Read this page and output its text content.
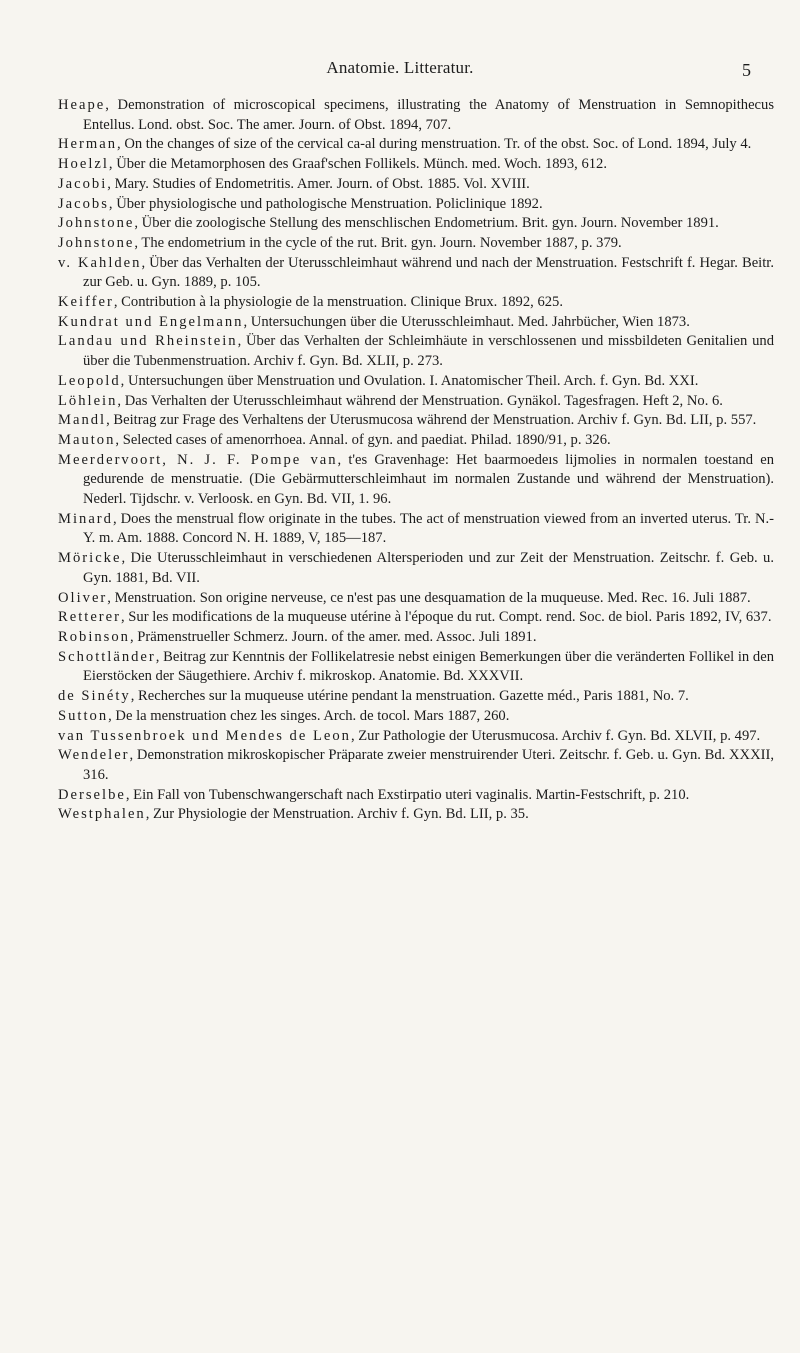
Anatomie. Litteratur.	5

Heape, Demonstration of microscopical specimens, illustrating the Anatomy of Menstruation in Semnopithecus Entellus. Lond. obst. Soc. The amer. Journ. of Obst. 1894, 707.

Herman, On the changes of size of the cervical ca-al during menstruation. Tr. of the obst. Soc. of Lond. 1894, July 4.

Hoelzl, Über die Metamorphosen des Graaf'schen Follikels. Münch. med. Woch. 1893, 612.

Jacobi, Mary. Studies of Endometritis. Amer. Journ. of Obst. 1885. Vol. XVIII.

Jacobs, Über physiologische und pathologische Menstruation. Policlinique 1892.

Johnstone, Über die zoologische Stellung des menschlischen Endometrium. Brit. gyn. Journ. November 1891.

Johnstone, The endometrium in the cycle of the rut. Brit. gyn. Journ. November 1887, p. 379.

v. Kahlden, Über das Verhalten der Uterusschleimhaut während und nach der Menstruation. Festschrift f. Hegar. Beitr. zur Geb. u. Gyn. 1889, p. 105.

Keiffer, Contribution à la physiologie de la menstruation. Clinique Brux. 1892, 625.

Kundrat und Engelmann, Untersuchungen über die Uterusschleimhaut. Med. Jahrbücher, Wien 1873.

Landau und Rheinstein, Über das Verhalten der Schleimhäute in verschlossenen und missbildeten Genitalien und über die Tubenmenstruation. Archiv f. Gyn. Bd. XLII, p. 273.

Leopold, Untersuchungen über Menstruation und Ovulation. I. Anatomischer Theil. Arch. f. Gyn. Bd. XXI.

Löhlein, Das Verhalten der Uterusschleimhaut während der Menstruation. Gynäkol. Tagesfragen. Heft 2, No. 6.

Mandl, Beitrag zur Frage des Verhaltens der Uterusmucosa während der Menstruation. Archiv f. Gyn. Bd. LII, p. 557.

Mauton, Selected cases of amenorrhoea. Annal. of gyn. and paediat. Philad. 1890/91, p. 326.

Meerdervoort, N. J. F. Pompe van, t'es Gravenhage: Het baarmoedeıs lijmolies in normalen toestand en gedurende de menstruatie. (Die Gebärmutterschleimhaut im normalen Zustande und während der Menstruation). Nederl. Tijdschr. v. Verloosk. en Gyn. Bd. VII, 1. 96.

Minard, Does the menstrual flow originate in the tubes. The act of menstruation viewed from an inverted uterus. Tr. N.-Y. m. Am. 1888. Concord N. H. 1889, V, 185—187.

Möricke, Die Uterusschleimhaut in verschiedenen Altersperioden und zur Zeit der Menstruation. Zeitschr. f. Geb. u. Gyn. 1881, Bd. VII.

Oliver, Menstruation. Son origine nerveuse, ce n'est pas une desquamation de la muqueuse. Med. Rec. 16. Juli 1887.

Retterer, Sur les modifications de la muqueuse utérine à l'époque du rut. Compt. rend. Soc. de biol. Paris 1892, IV, 637.

Robinson, Prämenstrueller Schmerz. Journ. of the amer. med. Assoc. Juli 1891.

Schottländer, Beitrag zur Kenntnis der Follikelatresie nebst einigen Bemerkungen über die veränderten Follikel in den Eierstöcken der Säugethiere. Archiv f. mikroskop. Anatomie. Bd. XXXVII.

de Sinéty, Recherches sur la muqueuse utérine pendant la menstruation. Gazette méd., Paris 1881, No. 7.

Sutton, De la menstruation chez les singes. Arch. de tocol. Mars 1887, 260.

van Tussenbroek und Mendes de Leon, Zur Pathologie der Uterusmucosa. Archiv f. Gyn. Bd. XLVII, p. 497.

Wendeler, Demonstration mikroskopischer Präparate zweier menstruirender Uteri. Zeitschr. f. Geb. u. Gyn. Bd. XXXII, 316.

Derselbe, Ein Fall von Tubenschwangerschaft nach Exstirpatio uteri vaginalis. Martin-Festschrift, p. 210.

Westphalen, Zur Physiologie der Menstruation. Archiv f. Gyn. Bd. LII, p. 35.
